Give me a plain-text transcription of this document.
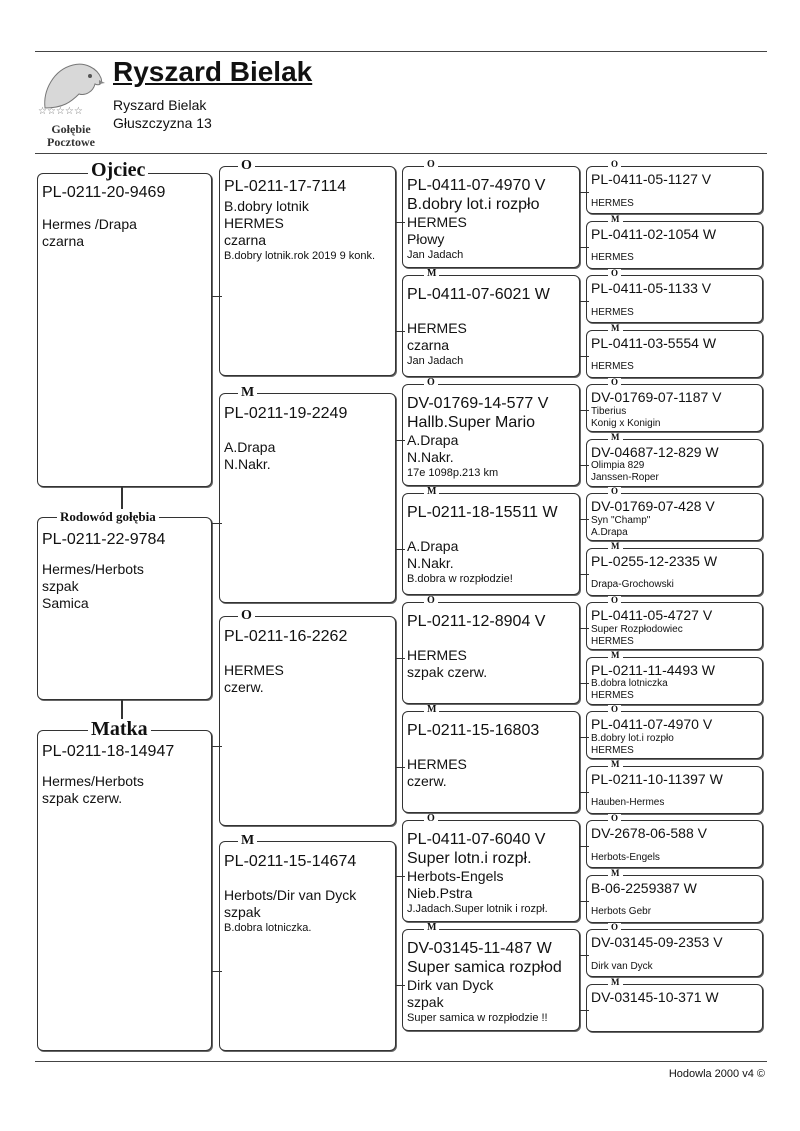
☆☆☆☆☆
Gołębie
Pocztowe
Ryszard Bielak
Ryszard Bielak
Głuszczyzna 13
PL-0211-20-9469
Hermes /Drapa
czarna
Ojciec
PL-0211-22-9784
Hermes/Herbots
szpak
Samica
Rodowód gołębia
PL-0211-18-14947
Hermes/Herbots
szpak czerw.
Matka
PL-0211-17-7114
B.dobry lotnik
HERMES
czarna
B.dobry lotnik.rok 2019 9 konk.
O
PL-0211-19-2249
A.Drapa
N.Nakr.
M
PL-0211-16-2262
HERMES
czerw.
O
PL-0211-15-14674
Herbots/Dir van Dyck
szpak
B.dobra lotniczka.
M
PL-0411-07-4970 V
B.dobry lot.i rozpło
HERMES
Płowy
Jan Jadach
O
PL-0411-07-6021 W
HERMES
czarna
Jan Jadach
M
DV-01769-14-577 V
Hallb.Super Mario
A.Drapa
N.Nakr.
17e 1098p.213 km
O
PL-0211-18-15511 W
A.Drapa
N.Nakr.
B.dobra w rozpłodzie!
M
PL-0211-12-8904 V
HERMES
szpak czerw.
O
PL-0211-15-16803
HERMES
czerw.
M
PL-0411-07-6040 V
Super lotn.i rozpł.
Herbots-Engels
Nieb.Pstra
J.Jadach.Super lotnik i rozpł.
O
DV-03145-11-487 W
Super samica rozpłod
Dirk van Dyck
szpak
Super samica w rozpłodzie !!
M
PL-0411-05-1127 V
HERMES
O
PL-0411-02-1054 W
HERMES
M
PL-0411-05-1133 V
HERMES
O
PL-0411-03-5554 W
HERMES
M
DV-01769-07-1187 V
Tiberius
Konig x Konigin
O
DV-04687-12-829 W
Olimpia 829
Janssen-Roper
M
DV-01769-07-428 V
Syn "Champ"
A.Drapa
O
PL-0255-12-2335 W
Drapa-Grochowski
M
PL-0411-05-4727 V
Super Rozpłodowiec
HERMES
O
PL-0211-11-4493 W
B.dobra lotniczka
HERMES
M
PL-0411-07-4970 V
B.dobry lot.i rozpło
HERMES
O
PL-0211-10-11397 W
Hauben-Hermes
M
DV-2678-06-588 V
Herbots-Engels
O
B-06-2259387 W
Herbots Gebr
M
DV-03145-09-2353 V
Dirk van Dyck
O
DV-03145-10-371 W
M
Hodowla 2000 v4 ©
